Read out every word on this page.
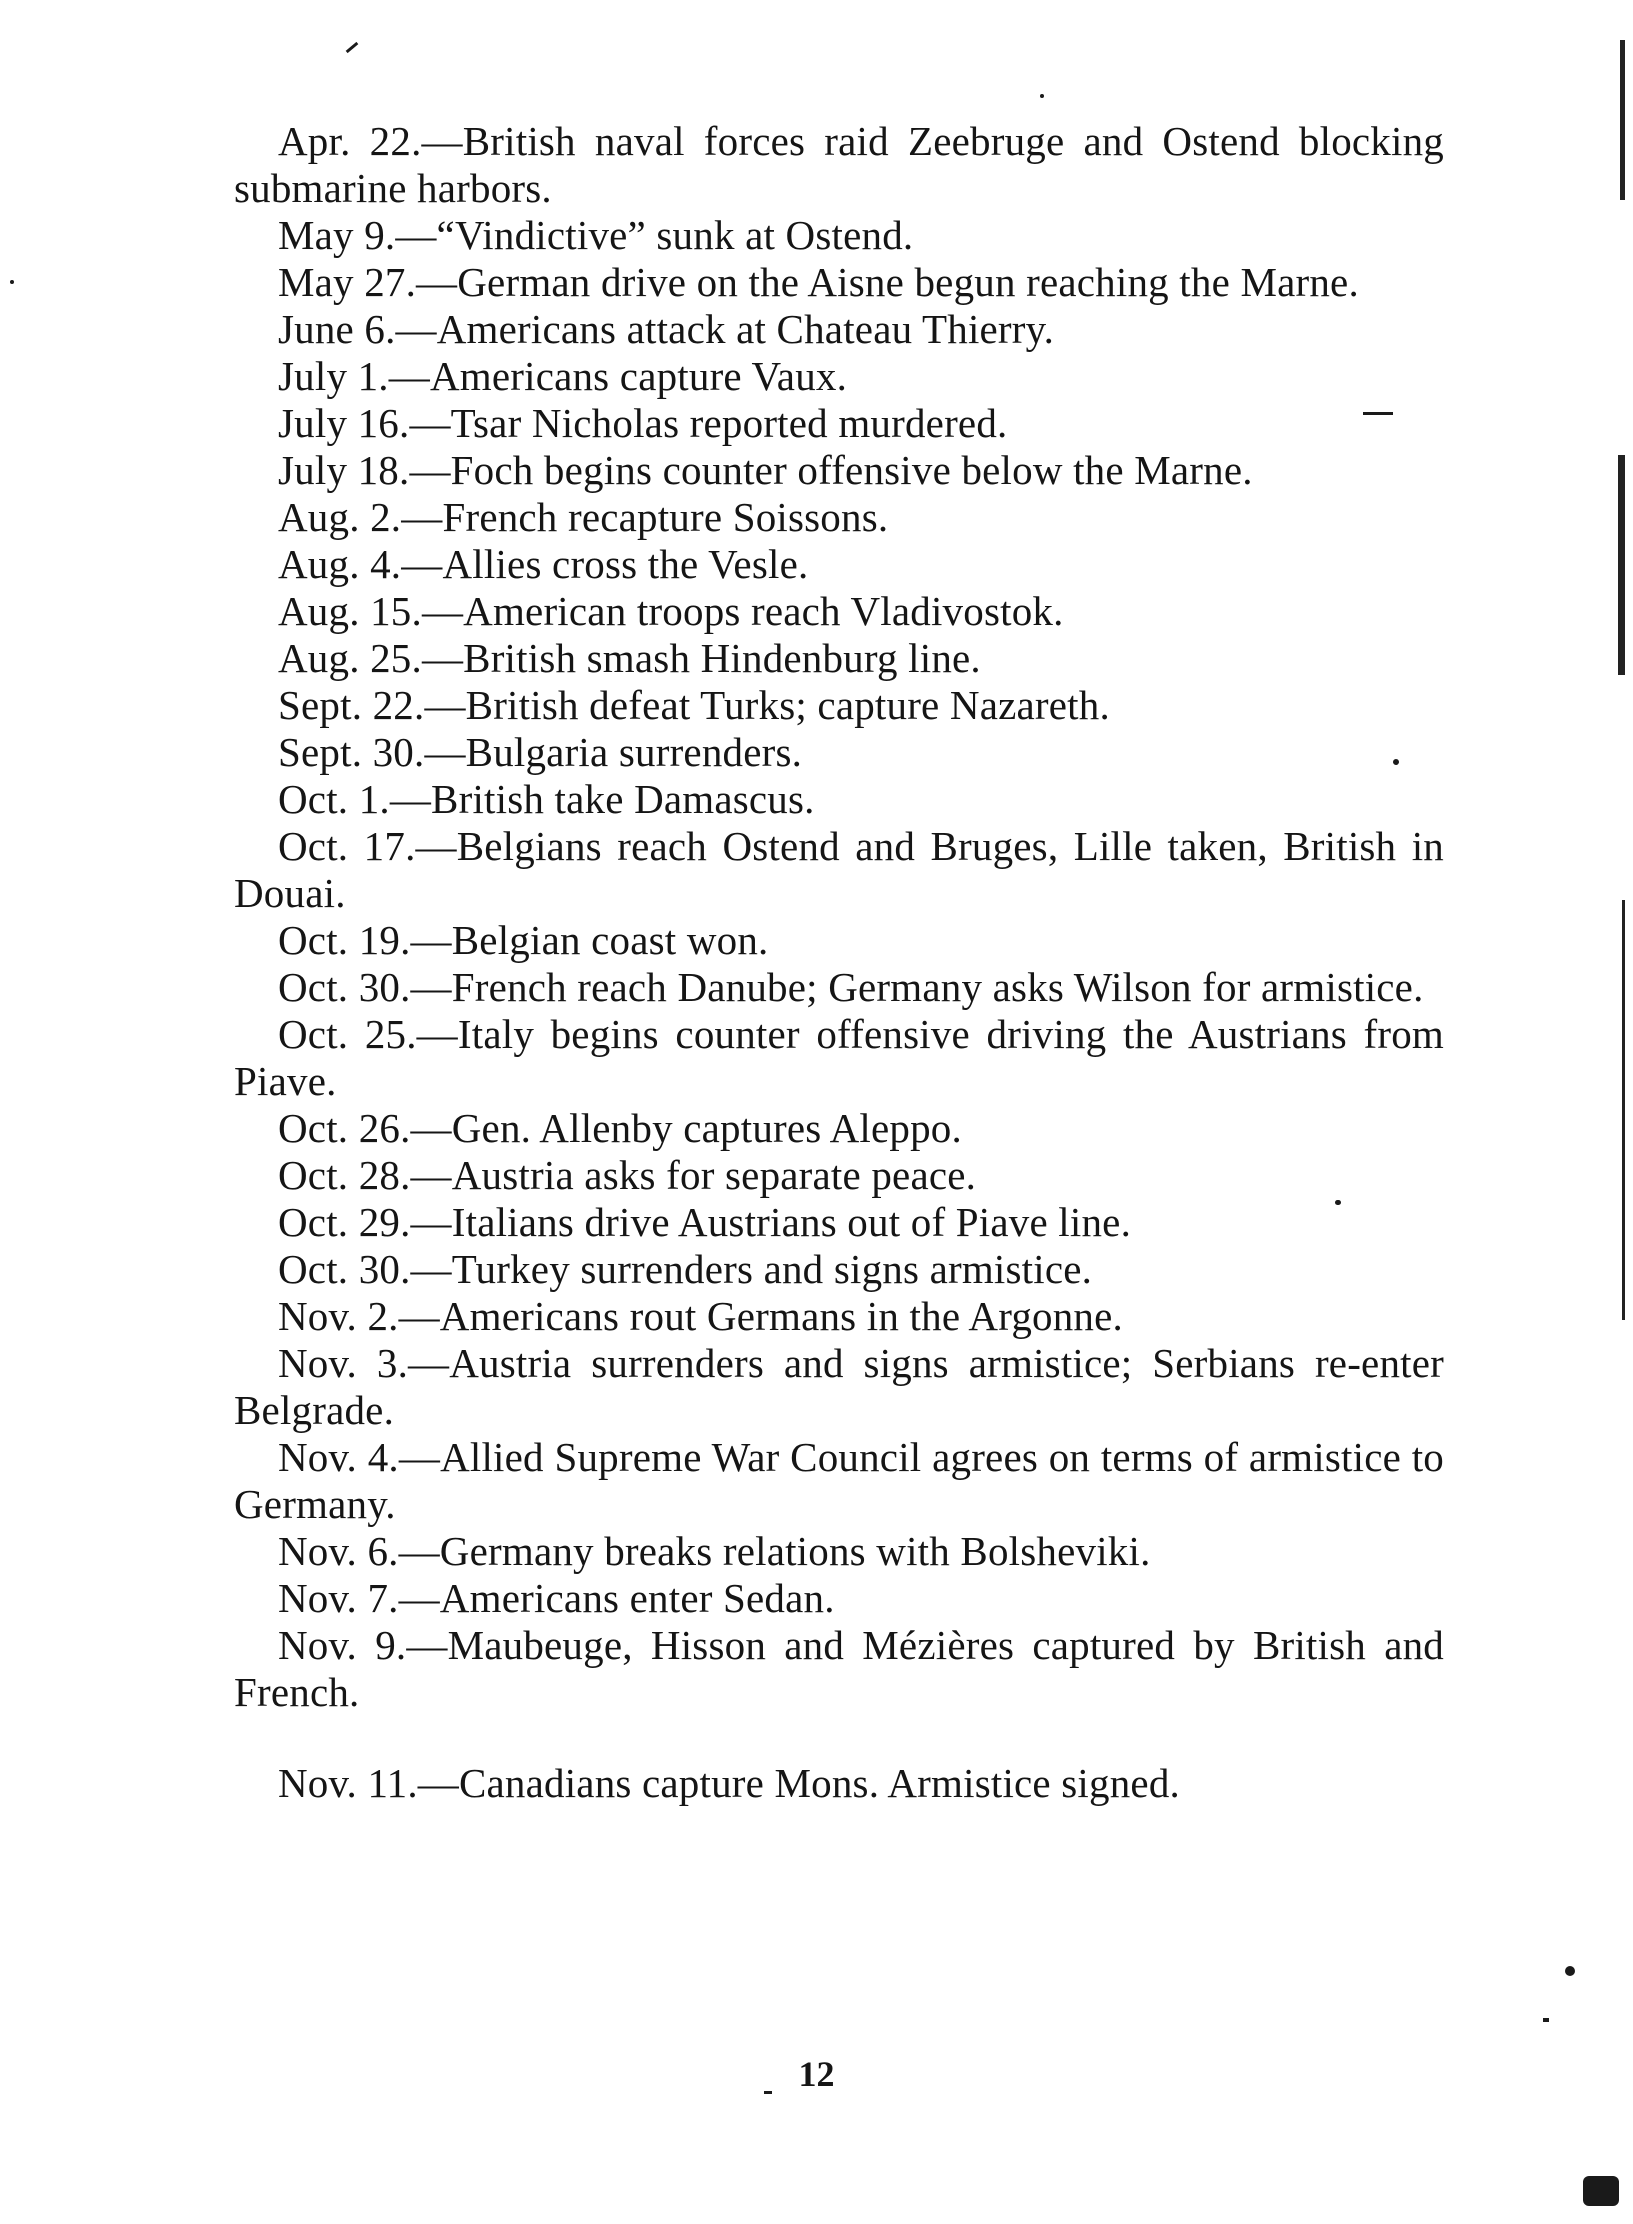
Apr. 22.—British naval forces raid Zeebruge and Ostend blocking submarine harbors.

May 9.—“Vindictive” sunk at Ostend.

May 27.—German drive on the Aisne begun reaching the Marne.

June 6.—Americans attack at Chateau Thierry.

July 1.—Americans capture Vaux.

July 16.—Tsar Nicholas reported murdered.

July 18.—Foch begins counter offensive below the Marne.

Aug. 2.—French recapture Soissons.

Aug. 4.—Allies cross the Vesle.

Aug. 15.—American troops reach Vladivostok.

Aug. 25.—British smash Hindenburg line.

Sept. 22.—British defeat Turks; capture Nazareth.

Sept. 30.—Bulgaria surrenders.

Oct. 1.—British take Damascus.

Oct. 17.—Belgians reach Ostend and Bruges, Lille taken, British in Douai.

Oct. 19.—Belgian coast won.

Oct. 30.—French reach Danube; Germany asks Wilson for armistice.

Oct. 25.—Italy begins counter offensive driving the Austrians from Piave.

Oct. 26.—Gen. Allenby captures Aleppo.

Oct. 28.—Austria asks for separate peace.

Oct. 29.—Italians drive Austrians out of Piave line.

Oct. 30.—Turkey surrenders and signs armistice.

Nov. 2.—Americans rout Germans in the Argonne.

Nov. 3.—Austria surrenders and signs armistice; Serbians re-enter Belgrade.

Nov. 4.—Allied Supreme War Council agrees on terms of armistice to Germany.

Nov. 6.—Germany breaks relations with Bolsheviki.

Nov. 7.—Americans enter Sedan.

Nov. 9.—Maubeuge, Hisson and Mézières captured by British and French.

Nov. 11.—Canadians capture Mons. Armistice signed.

12
